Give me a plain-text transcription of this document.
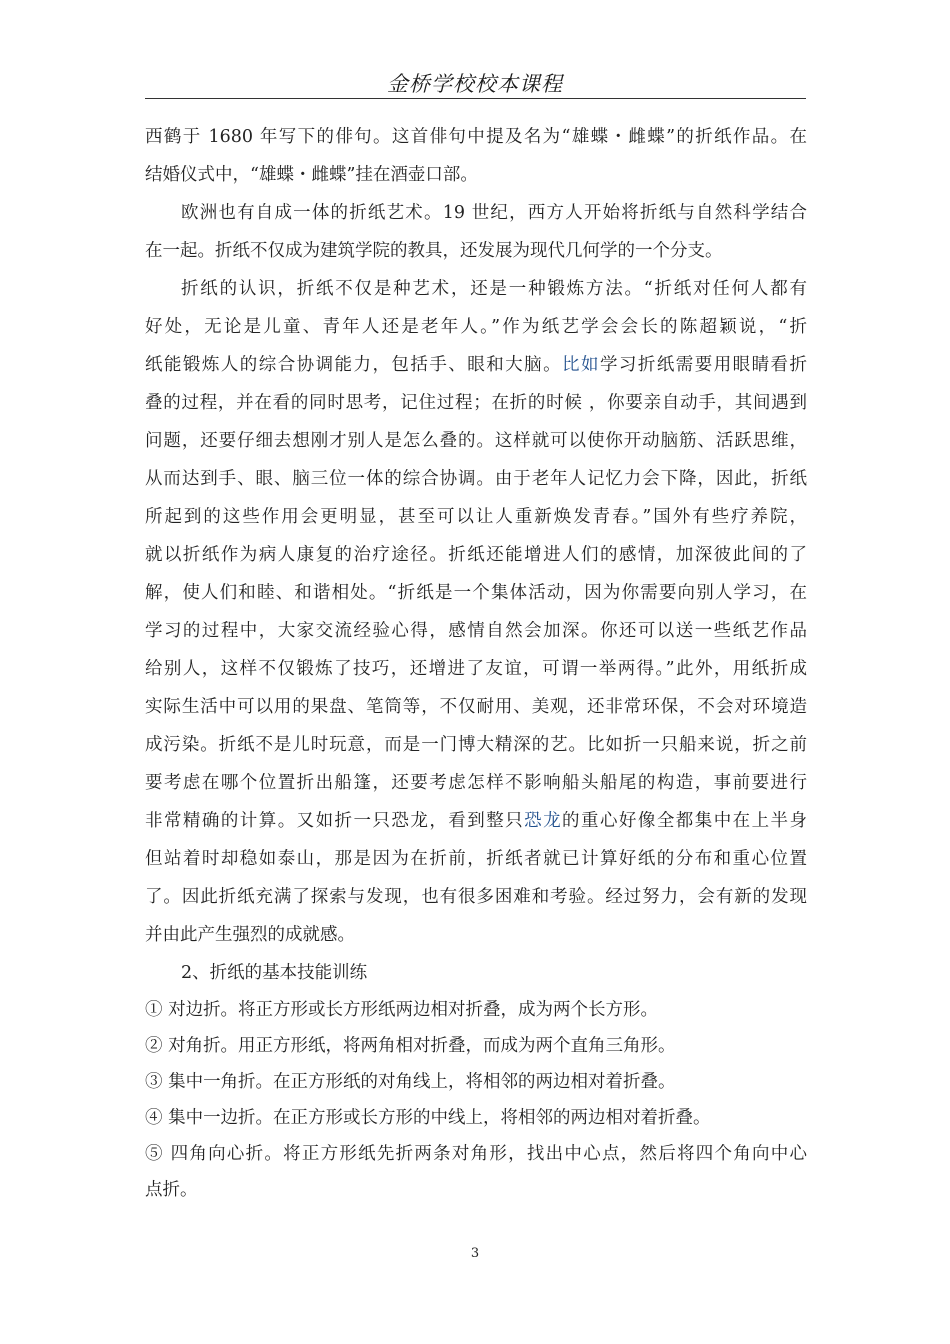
金桥学校校本课程
西鹤于 1680 年写下的俳句。这首俳句中提及名为“雄蝶・雌蝶”的折纸作品。在
结婚仪式中，“雄蝶・雌蝶”挂在酒壶口部。
欧洲也有自成一体的折纸艺术。19 世纪，西方人开始将折纸与自然科学结合
在一起。折纸不仅成为建筑学院的教具，还发展为现代几何学的一个分支。
折纸的认识，折纸不仅是种艺术，还是一种锻炼方法。“折纸对任何人都有
好处，无论是儿童、青年人还是老年人。”作为纸艺学会会长的陈超颖说，“折
纸能锻炼人的综合协调能力，包括手、眼和大脑。比如学习折纸需要用眼睛看折
叠的过程，并在看的同时思考，记住过程；在折的时候 ，你要亲自动手，其间遇到
问题，还要仔细去想刚才别人是怎么叠的。这样就可以使你开动脑筋、活跃思维，
从而达到手、眼、脑三位一体的综合协调。由于老年人记忆力会下降，因此，折纸
所起到的这些作用会更明显，甚至可以让人重新焕发青春。”国外有些疗养院，
就以折纸作为病人康复的治疗途径。折纸还能增进人们的感情，加深彼此间的了
解，使人们和睦、和谐相处。“折纸是一个集体活动，因为你需要向别人学习，在
学习的过程中，大家交流经验心得，感情自然会加深。你还可以送一些纸艺作品
给别人，这样不仅锻炼了技巧，还增进了友谊，可谓一举两得。”此外，用纸折成
实际生活中可以用的果盘、笔筒等，不仅耐用、美观，还非常环保，不会对环境造
成污染。折纸不是儿时玩意，而是一门博大精深的艺。比如折一只船来说，折之前
要考虑在哪个位置折出船篷，还要考虑怎样不影响船头船尾的构造，事前要进行
非常精确的计算。又如折一只恐龙，看到整只恐龙的重心好像全都集中在上半身
但站着时却稳如泰山，那是因为在折前，折纸者就已计算好纸的分布和重心位置
了。因此折纸充满了探索与发现，也有很多困难和考验。经过努力，会有新的发现
并由此产生强烈的成就感。
2、折纸的基本技能训练
① 对边折。将正方形或长方形纸两边相对折叠，成为两个长方形。
② 对角折。用正方形纸，将两角相对折叠，而成为两个直角三角形。
③ 集中一角折。在正方形纸的对角线上，将相邻的两边相对着折叠。
④ 集中一边折。在正方形或长方形的中线上，将相邻的两边相对着折叠。
⑤ 四角向心折。将正方形纸先折两条对角形，找出中心点，然后将四个角向中心
点折。
3
